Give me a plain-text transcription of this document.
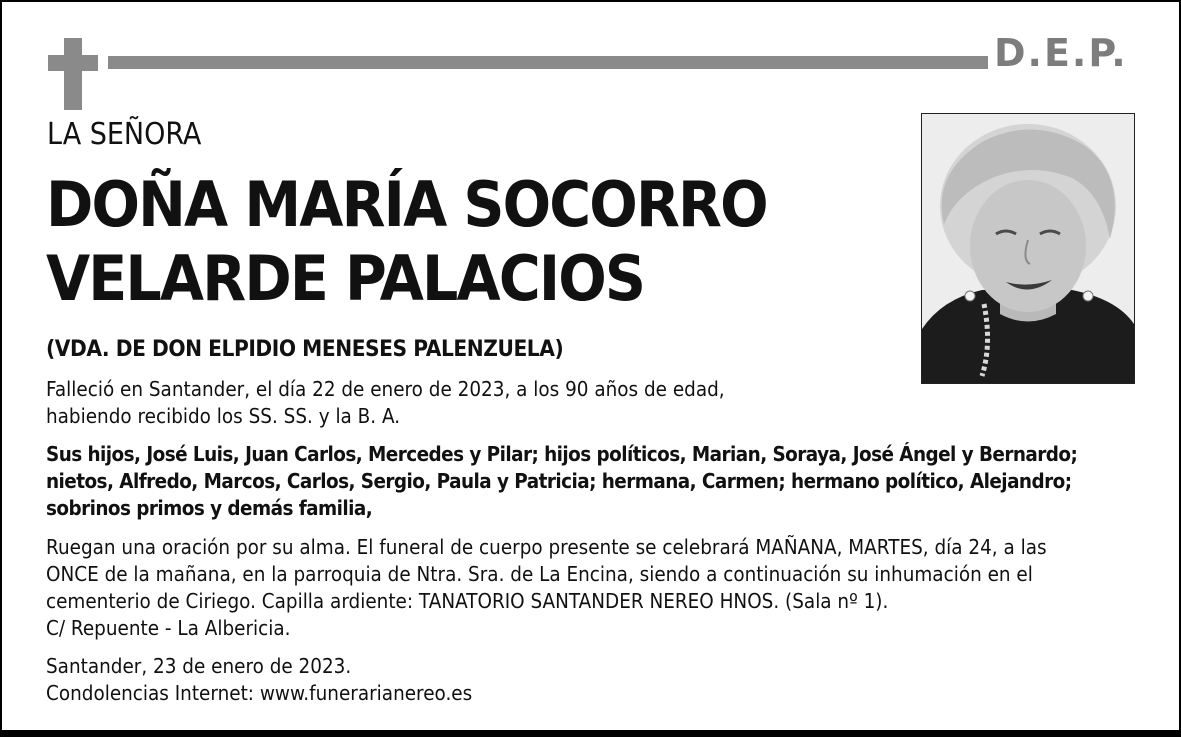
D.E.P.
LA SEÑORA
DOÑA MARÍA SOCORRO
VELARDE PALACIOS
(VDA. DE DON ELPIDIO MENESES PALENZUELA)
Falleció en Santander, el día 22 de enero de 2023, a los 90 años de edad,
habiendo recibido los SS. SS. y la B. A.
Sus hijos, José Luis, Juan Carlos, Mercedes y Pilar; hijos políticos, Marian, Soraya, José Ángel y Bernardo;
nietos, Alfredo, Marcos, Carlos, Sergio, Paula y Patricia; hermana, Carmen; hermano político, Alejandro;
sobrinos primos y demás familia,
Ruegan una oración por su alma. El funeral de cuerpo presente se celebrará MAÑANA, MARTES, día 24, a las
ONCE de la mañana, en la parroquia de Ntra. Sra. de La Encina, siendo a continuación su inhumación en el
cementerio de Ciriego. Capilla ardiente: TANATORIO SANTANDER NEREO HNOS. (Sala nº 1).
C/ Repuente - La Albericia.
Santander, 23 de enero de 2023.
Condolencias Internet: www.funerarianereo.es
